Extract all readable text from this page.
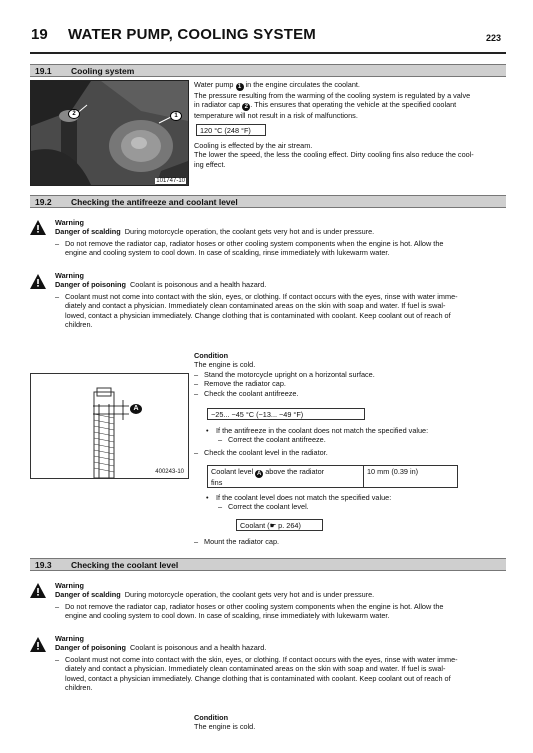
19 WATER PUMP, COOLING SYSTEM	223
19.1 Cooling system
2	1
101747-10
Water pump 1 in the engine circulates the coolant.
The pressure resulting from the warming of the cooling system is regulated by a valve
in radiator cap 2 . This ensures that operating the vehicle at the specified coolant
temperature will not result in a risk of malfunctions.
120 °C (248 °F)
Cooling is effected by the air stream.
The lower the speed, the less the cooling effect. Dirty cooling fins also reduce the cool-
ing effect.
19.2 Checking the antifreeze and coolant level
Warning
Danger of scalding During motorcycle operation, the coolant gets very hot and is under pressure.
– Do not remove the radiator cap, radiator hoses or other cooling system components when the engine is hot. Allow the
engine and cooling system to cool down. In case of scalding, rinse immediately with lukewarm water.
Warning
Danger of poisoning Coolant is poisonous and a health hazard.
– Coolant must not come into contact with the skin, eyes, or clothing. If contact occurs with the eyes, rinse with water imme-
diately and contact a physician. Immediately clean contaminated areas on the skin with soap and water. If fuel is swal-
lowed, contact a physician immediately. Change clothing that is contaminated with coolant. Keep coolant out of reach of
children.
A
400243-10
Condition
The engine is cold.
– Stand the motorcycle upright on a horizontal surface.
– Remove the radiator cap.
– Check the coolant antifreeze.
−25... −45 °C (−13... −49 °F)
• If the antifreeze in the coolant does not match the specified value:
– Correct the coolant antifreeze.
– Check the coolant level in the radiator.
Coolant level A above the radiator
fins
10 mm (0.39 in)
• If the coolant level does not match the specified value:
– Correct the coolant level.
Coolant (☛ p. 264)
– Mount the radiator cap.
19.3 Checking the coolant level
Warning
Danger of scalding During motorcycle operation, the coolant gets very hot and is under pressure.
– Do not remove the radiator cap, radiator hoses or other cooling system components when the engine is hot. Allow the
engine and cooling system to cool down. In case of scalding, rinse immediately with lukewarm water.
Warning
Danger of poisoning Coolant is poisonous and a health hazard.
– Coolant must not come into contact with the skin, eyes, or clothing. If contact occurs with the eyes, rinse with water imme-
diately and contact a physician. Immediately clean contaminated areas on the skin with soap and water. If fuel is swal-
lowed, contact a physician immediately. Change clothing that is contaminated with coolant. Keep coolant out of reach of
children.
Condition
The engine is cold.
